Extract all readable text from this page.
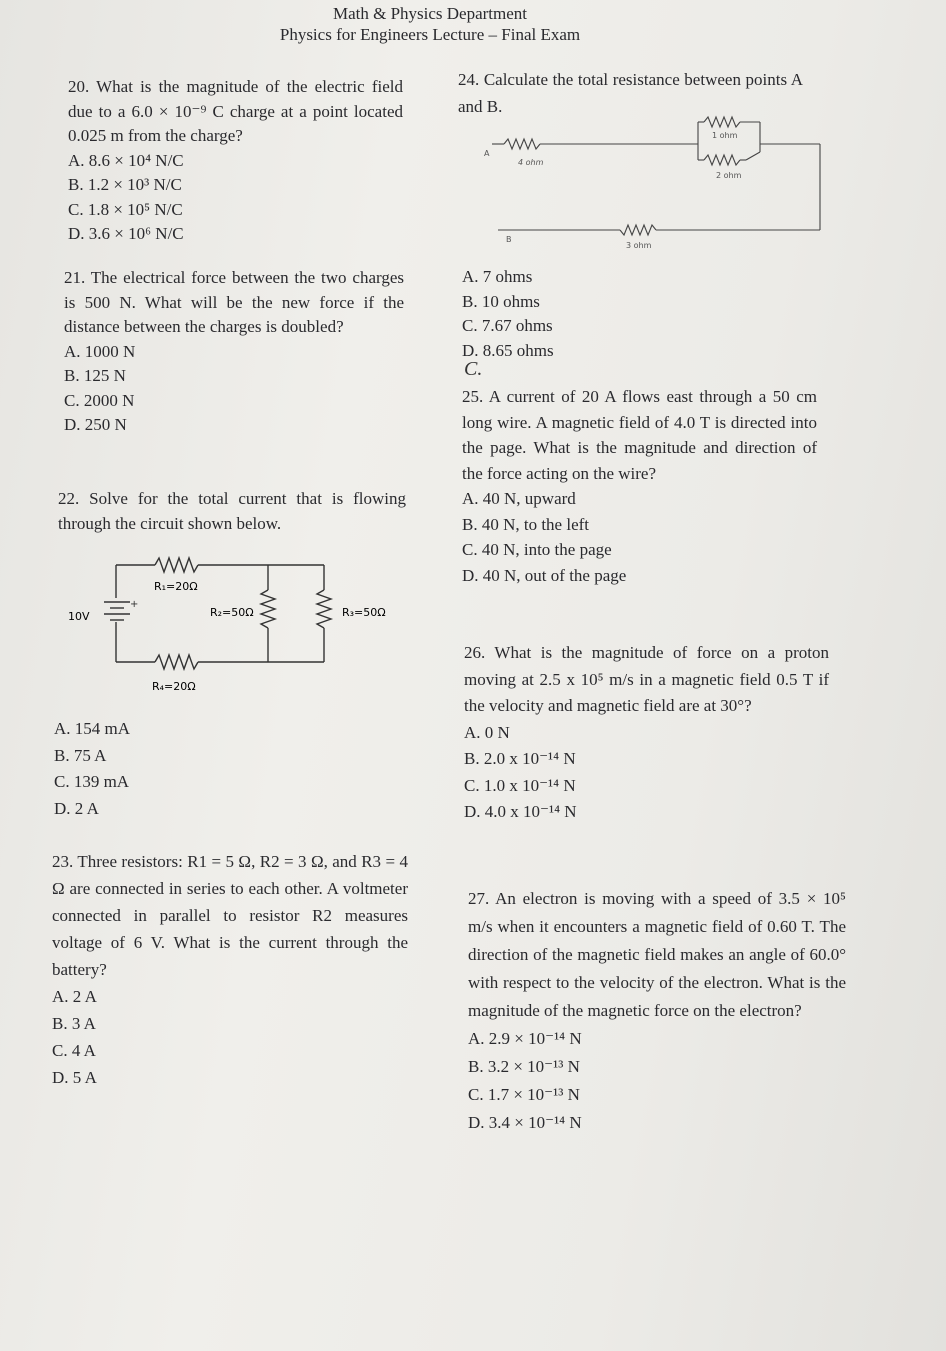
Math & Physics Department
Physics for Engineers Lecture – Final Exam

20. What is the magnitude of the electric field due to a 6.0 × 10⁻⁹ C charge at a point located 0.025 m from the charge?

A. 8.6 × 10⁴ N/C
B. 1.2 × 10³ N/C
C. 1.8 × 10⁵ N/C
D. 3.6 × 10⁶ N/C

21. The electrical force between the two charges is 500 N. What will be the new force if the distance between the charges is doubled?

A. 1000 N
B. 125 N
C. 2000 N
D. 250 N

22. Solve for the total current that is flowing through the circuit shown below.

10V
+
R₁=20Ω
R₂=50Ω	R₃=50Ω
R₄=20Ω
A. 154 mA
B. 75 A
C. 139 mA
D. 2 A

23. Three resistors: R1 = 5 Ω, R2 = 3 Ω, and R3 = 4 Ω are connected in series to each other. A voltmeter connected in parallel to resistor R2 measures voltage of 6 V. What is the current through the battery?

A. 2 A
B. 3 A
C. 4 A
D. 5 A

24. Calculate the total resistance between points A and B.

A
B
4 ohm
1 ohm
2 ohm
3 ohm
A. 7 ohms
B. 10 ohms
C. 7.67 ohms
D. 8.65 ohms
C.

25. A current of 20 A flows east through a 50 cm long wire. A magnetic field of 4.0 T is directed into the page. What is the magnitude and direction of the force acting on the wire?

A. 40 N, upward
B. 40 N, to the left
C. 40 N, into the page
D. 40 N, out of the page

26. What is the magnitude of force on a proton moving at 2.5 x 10⁵ m/s in a magnetic field 0.5 T if the velocity and magnetic field are at 30°?

A. 0 N
B. 2.0 x 10⁻¹⁴ N
C. 1.0 x 10⁻¹⁴ N
D. 4.0 x 10⁻¹⁴ N

27. An electron is moving with a speed of 3.5 × 10⁵ m/s when it encounters a magnetic field of 0.60 T. The direction of the magnetic field makes an angle of 60.0° with respect to the velocity of the electron. What is the magnitude of the magnetic force on the electron?

A. 2.9 × 10⁻¹⁴ N
B. 3.2 × 10⁻¹³ N
C. 1.7 × 10⁻¹³ N
D. 3.4 × 10⁻¹⁴ N
